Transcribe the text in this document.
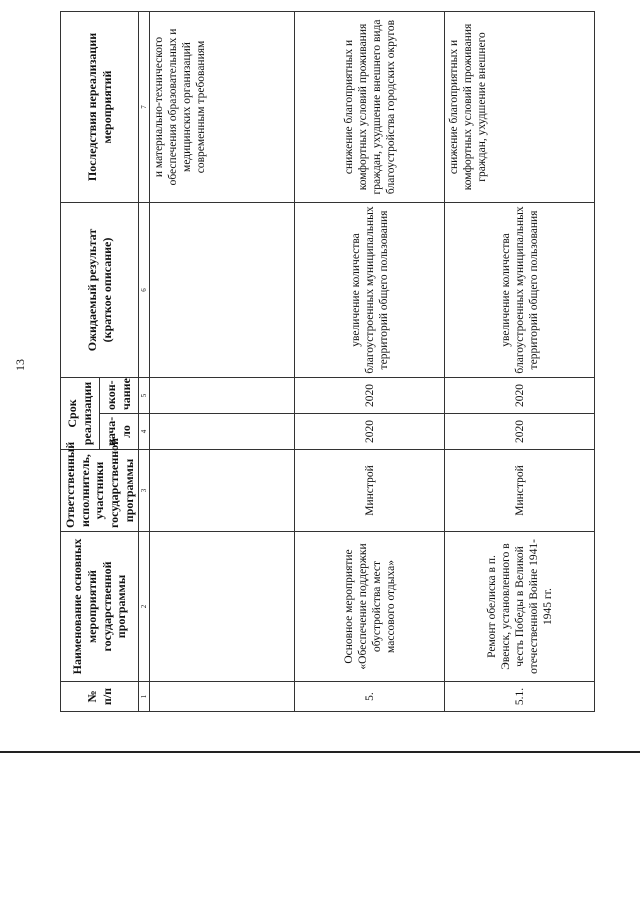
13
№ п/п	Наименование основных мероприятий государственной программы	Ответственный исполнитель, участники государственной программы	Срок реализации		Ожидаемый результат (краткое описание)	Последствия нереализации мероприятий
			нача-ло	окон-чание		
1	2	3	4	5	6	7
						и материально-технического обеспечения образовательных и медицинских организаций современным требованиям
5.	Основное мероприятие «Обеспечение поддержки обустройства мест массового отдыха»	Минстрой	2020	2020	увеличение количества благоустроенных муниципальных территорий общего пользования	снижение благоприятных и комфортных условий проживания граждан, ухудшение внешнего вида благоустройства городских округов
5.1.	Ремонт обелиска в п. Эвенск, установленного в честь Победы в Великой отечественной Войне 1941-1945 гг.	Минстрой	2020	2020	увеличение количества благоустроенных муниципальных территорий общего пользования	снижение благоприятных и комфортных условий проживания граждан, ухудшение внешнего
